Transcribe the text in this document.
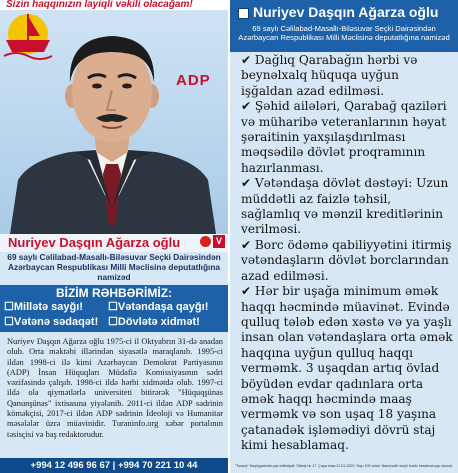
Sizin haqqınızın layiqli vəkili olacağam!
ADP
Nuriyev Daşqın Ağarza oğlu	V
69 saylı Cəlilabad-Masallı-Biləsuvar Seçki Dairəsindən Azərbaycan Respublikası Milli Məclisinə deputatlığına namizəd
BİZİM RƏHBƏRİMİZ:
☐Millətə sayğı! ☐Vətəndaşa qayğı!
☐Vətənə sədaqət! ☐Dövlətə xidmət!
Nuriyev Daşqın Ağarza oğlu 1975-ci il Oktyabrın 31-də anadan olub. Orta məktəbi illərindən siyasətlə maraqlanıb. 1995-ci ildən 1998-ci ilə kimi Azərbaycan Demokrat Partiyasının (ADP) İnsan Hüquqları Müdafiə Komissiyasının sədri vəzifəsində çalışıb. 1998-ci ildə hərbi xidmətdə olub. 1997-ci ildə ola qiymətlərlə universiteti bitirərək "Hüquqşünas Qanunşünas" ixtisasına yiyələnib. 2011-ci ildən ADP sədrinin köməkçisi, 2017-ci ildən ADP sədrinin İdeoloji və Humanitar məsələlər üzrə müavinidir. Turaninfo.org xəbər portalının təsisçisi və baş redaktorudur.
+994 12 496 96 67 | +994 70 221 10 44
Nuriyev Daşqın Ağarza oğlu
69 saylı Cəlilabad-Masallı-Biləsuvar Seçki Dairəsindən Azərbaycan Respublikası Milli Məclisinə deputatlığına namizəd
✔ Dağlıq Qarabağın hərbi və beynəlxalq hüquqa uyğun işğaldan azad edilməsi.
✔ Şəhid ailələri, Qarabağ qaziləri və müharibə veteranlarının həyat şəraitinin yaxşılaşdırılması məqsədilə dövlət proqramının hazırlanması.
✔ Vətəndaşa dövlət dəstəyi: Uzun müddətli az faizlə təhsil, sağlamlıq və mənzil kreditlərinin verilməsi.
✔ Borc ödəmə qabiliyyətini itirmiş vətəndaşların dövlət borclarından azad edilməsi.
✔ Hər bir uşağa minimum əmək haqqı həcmində müavinət. Evində qulluq tələb edən xəstə və ya yaşlı insan olan vətəndaşlara orta əmək haqqına uyğun qulluq haqqı verməmk. 3 uşaqdan artıq övlad böyüdən evdar qadınlara orta əmək haqqı həcmində maaş verməmk və son uşaq 18 yaşına çatanadək işləmədiyi dövrü staj kimi hesablamaq.
"Turana" Nəşriyyatında çap edilmişdir. Sifariş № 17. Çapa imza 21.01.2020. Sayı 100 ədəd. Namizədin seçki fondu hesabına çap olunub.
